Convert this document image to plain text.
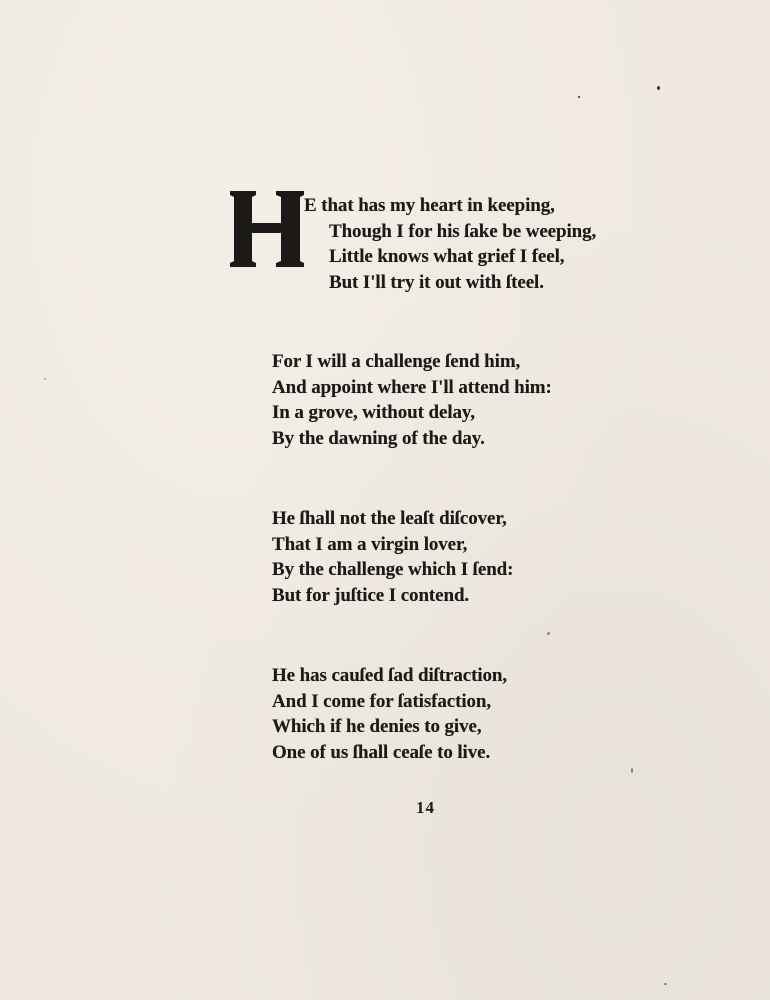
E that has my heart in keeping,
Though I for his ſake be weeping,
Little knows what grief I feel,
But I'll try it out with ſteel.
For I will a challenge ſend him,
And appoint where I'll attend him:
In a grove, without delay,
By the dawning of the day.
He ſhall not the leaſt diſcover,
That I am a virgin lover,
By the challenge which I ſend:
But for juſtice I contend.
He has cauſed ſad diſtraction,
And I come for ſatisfaction,
Which if he denies to give,
One of us ſhall ceaſe to live.
14
